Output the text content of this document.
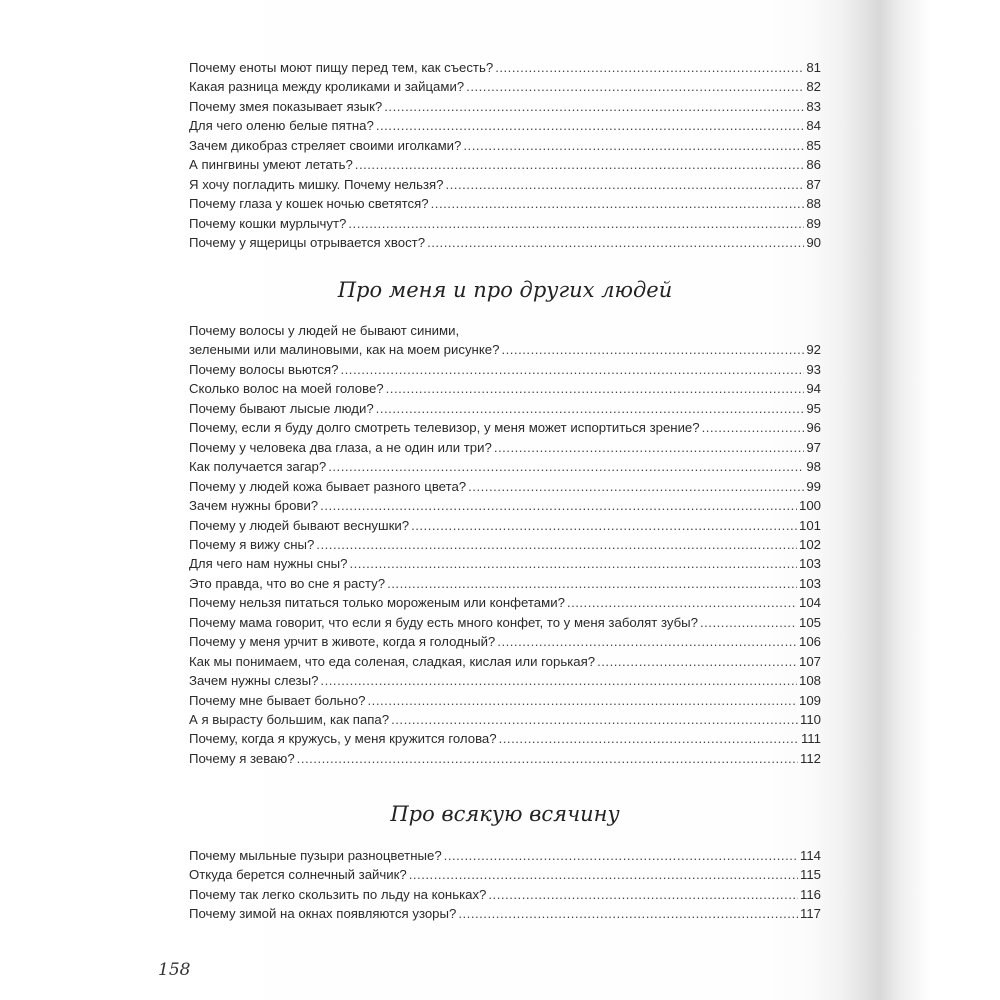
Почему еноты моют пищу перед тем, как съесть? .....	81
Какая разница между кроликами и зайцами? .....	82
Почему змея показывает язык? .....	83
Для чего оленю белые пятна? .....	84
Зачем дикобраз стреляет своими иголками? .....	85
А пингвины умеют летать? .....	86
Я хочу погладить мишку. Почему нельзя? .....	87
Почему глаза у кошек ночью светятся? .....	88
Почему кошки мурлычут? .....	89
Почему у ящерицы отрывается хвост? .....	90
Про меня и про других людей
Почему волосы у людей не бывают синими,
зелеными или малиновыми, как на моем рисунке? .....	92
Почему волосы вьются? .....	93
Сколько волос на моей голове? .....	94
Почему бывают лысые люди? .....	95
Почему, если я буду долго смотреть телевизор, у меня может испортиться зрение? .....	96
Почему у человека два глаза, а не один или три? .....	97
Как получается загар? .....	98
Почему у людей кожа бывает разного цвета? .....	99
Зачем нужны брови? .....	100
Почему у людей бывают веснушки? .....	101
Почему я вижу сны? .....	102
Для чего нам нужны сны? .....	103
Это правда, что во сне я расту? .....	103
Почему нельзя питаться только мороженым или конфетами? .....	104
Почему мама говорит, что если я буду есть много конфет, то у меня заболят зубы? .....	105
Почему у меня урчит в животе, когда я голодный? .....	106
Как мы понимаем, что еда соленая, сладкая, кислая или горькая? .....	107
Зачем нужны слезы? .....	108
Почему мне бывает больно? .....	109
А я вырасту большим, как папа? .....	110
Почему, когда я кружусь, у меня кружится голова? .....	111
Почему я зеваю? .....	112
Про всякую всячину
Почему мыльные пузыри разноцветные? .....	114
Откуда берется солнечный зайчик? .....	115
Почему так легко скользить по льду на коньках? .....	116
Почему зимой на окнах появляются узоры? .....	117
158
